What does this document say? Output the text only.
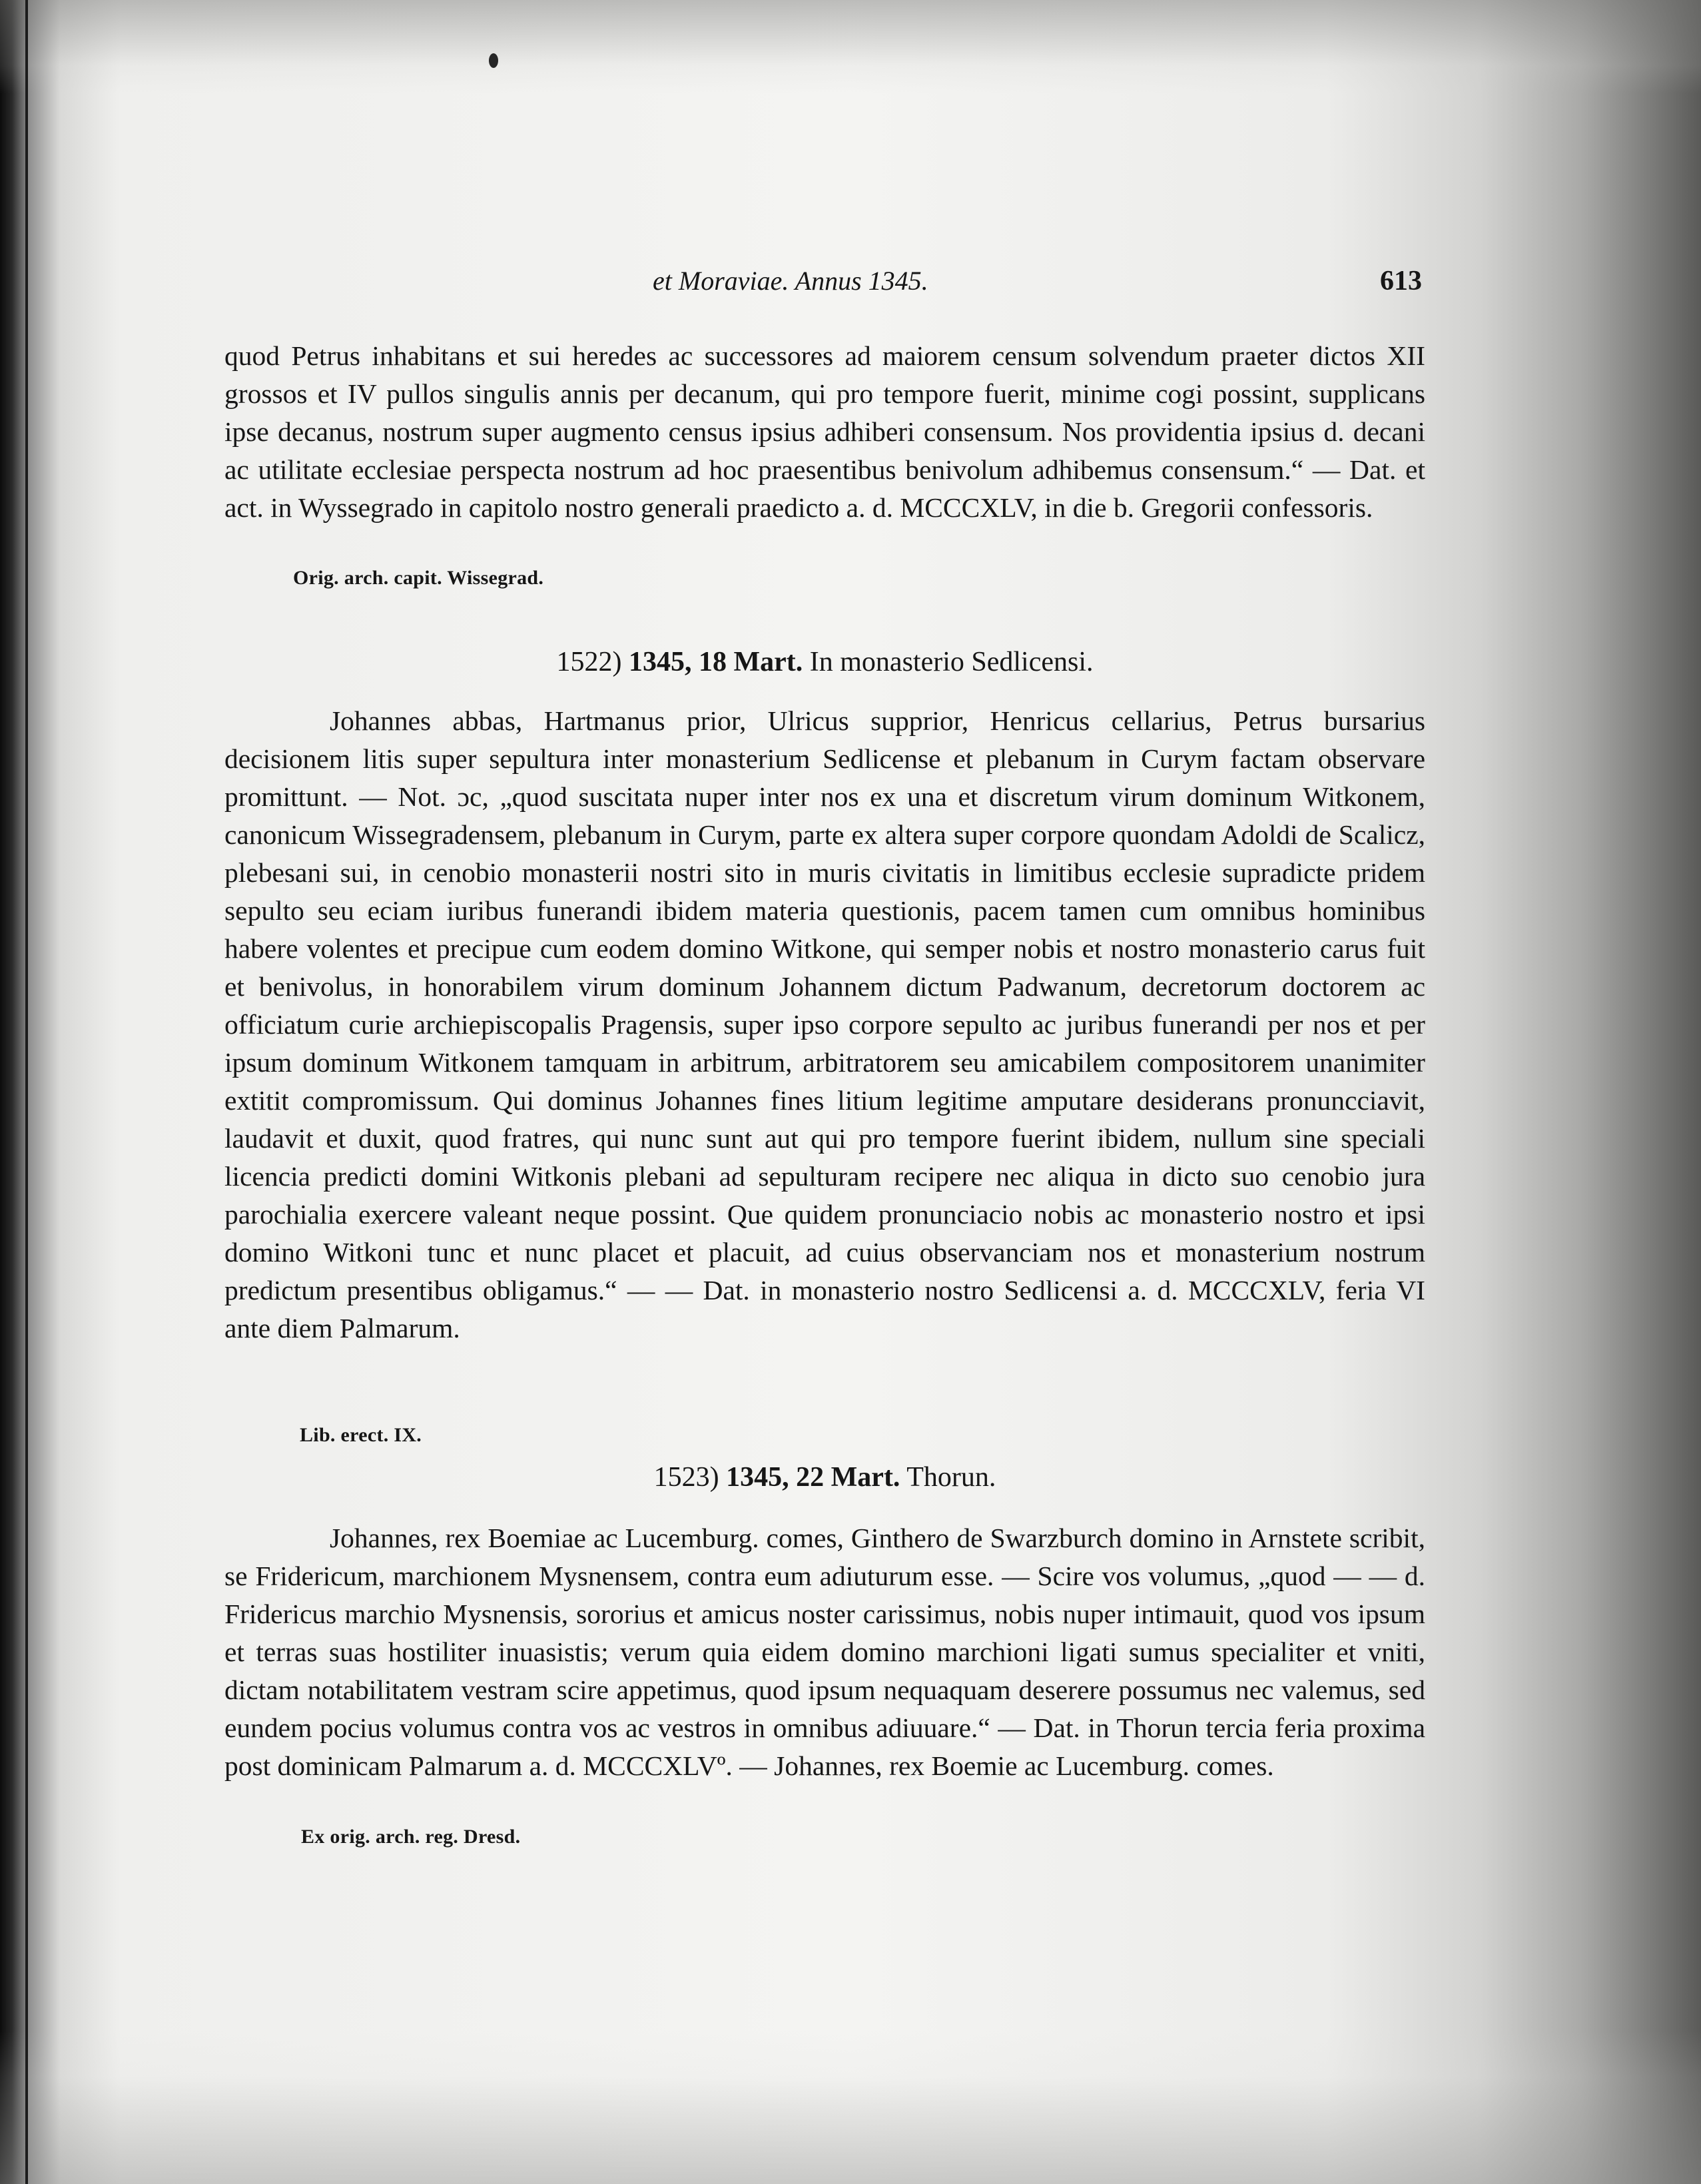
et Moraviae. Annus 1345.	613

quod Petrus inhabitans et sui heredes ac successores ad maiorem censum solvendum praeter dictos XII grossos et IV pullos singulis annis per decanum, qui pro tempore fuerit, minime cogi possint, supplicans ipse decanus, nostrum super augmento census ipsius adhiberi consensum. Nos providentia ipsius d. decani ac utilitate ecclesiae perspecta nostrum ad hoc praesentibus benivolum adhibemus consensum.“ — Dat. et act. in Wyssegrado in capitolo nostro generali praedicto a. d. MCCCXLV, in die b. Gregorii confessoris.

Orig. arch. capit. Wissegrad.
1522) 1345, 18 Mart. In monasterio Sedlicensi.

Johannes abbas, Hartmanus prior, Ulricus supprior, Henricus cellarius, Petrus bursarius decisionem litis super sepultura inter monasterium Sedlicense et plebanum in Curym factam observare promittunt. — Not. ɔc, „quod suscitata nuper inter nos ex una et discretum virum dominum Witkonem, canonicum Wissegradensem, plebanum in Curym, parte ex altera super corpore quondam Adoldi de Scalicz, plebesani sui, in cenobio monasterii nostri sito in muris civitatis in limitibus ecclesie supradicte pridem sepulto seu eciam iuribus funerandi ibidem materia questionis, pacem tamen cum omnibus hominibus habere volentes et precipue cum eodem domino Witkone, qui semper nobis et nostro monasterio carus fuit et benivolus, in honorabilem virum dominum Johannem dictum Padwanum, decretorum doctorem ac officiatum curie archiepiscopalis Pragensis, super ipso corpore sepulto ac juribus funerandi per nos et per ipsum dominum Witkonem tamquam in arbitrum, arbitratorem seu amicabilem compositorem unanimiter extitit compromissum. Qui dominus Johannes fines litium legitime amputare desiderans pronuncciavit, laudavit et duxit, quod fratres, qui nunc sunt aut qui pro tempore fuerint ibidem, nullum sine speciali licencia predicti domini Witkonis plebani ad sepulturam recipere nec aliqua in dicto suo cenobio jura parochialia exercere valeant neque possint. Que quidem pronunciacio nobis ac monasterio nostro et ipsi domino Witkoni tunc et nunc placet et placuit, ad cuius observanciam nos et monasterium nostrum predictum presentibus obligamus.“ — — Dat. in monasterio nostro Sedlicensi a. d. MCCCXLV, feria VI ante diem Palmarum.

Lib. erect. IX.
1523) 1345, 22 Mart. Thorun.

Johannes, rex Boemiae ac Lucemburg. comes, Ginthero de Swarzburch domino in Arnstete scribit, se Fridericum, marchionem Mysnensem, contra eum adiuturum esse. — Scire vos volumus, „quod — — d. Fridericus marchio Mysnensis, sororius et amicus noster carissimus, nobis nuper intimauit, quod vos ipsum et terras suas hostiliter inuasistis; verum quia eidem domino marchioni ligati sumus specialiter et vniti, dictam notabilitatem vestram scire appetimus, quod ipsum nequaquam deserere possumus nec valemus, sed eundem pocius volumus contra vos ac vestros in omnibus adiuuare.“ — Dat. in Thorun tercia feria proxima post dominicam Palmarum a. d. MCCCXLVº. — Johannes, rex Boemie ac Lucemburg. comes.

Ex orig. arch. reg. Dresd.
